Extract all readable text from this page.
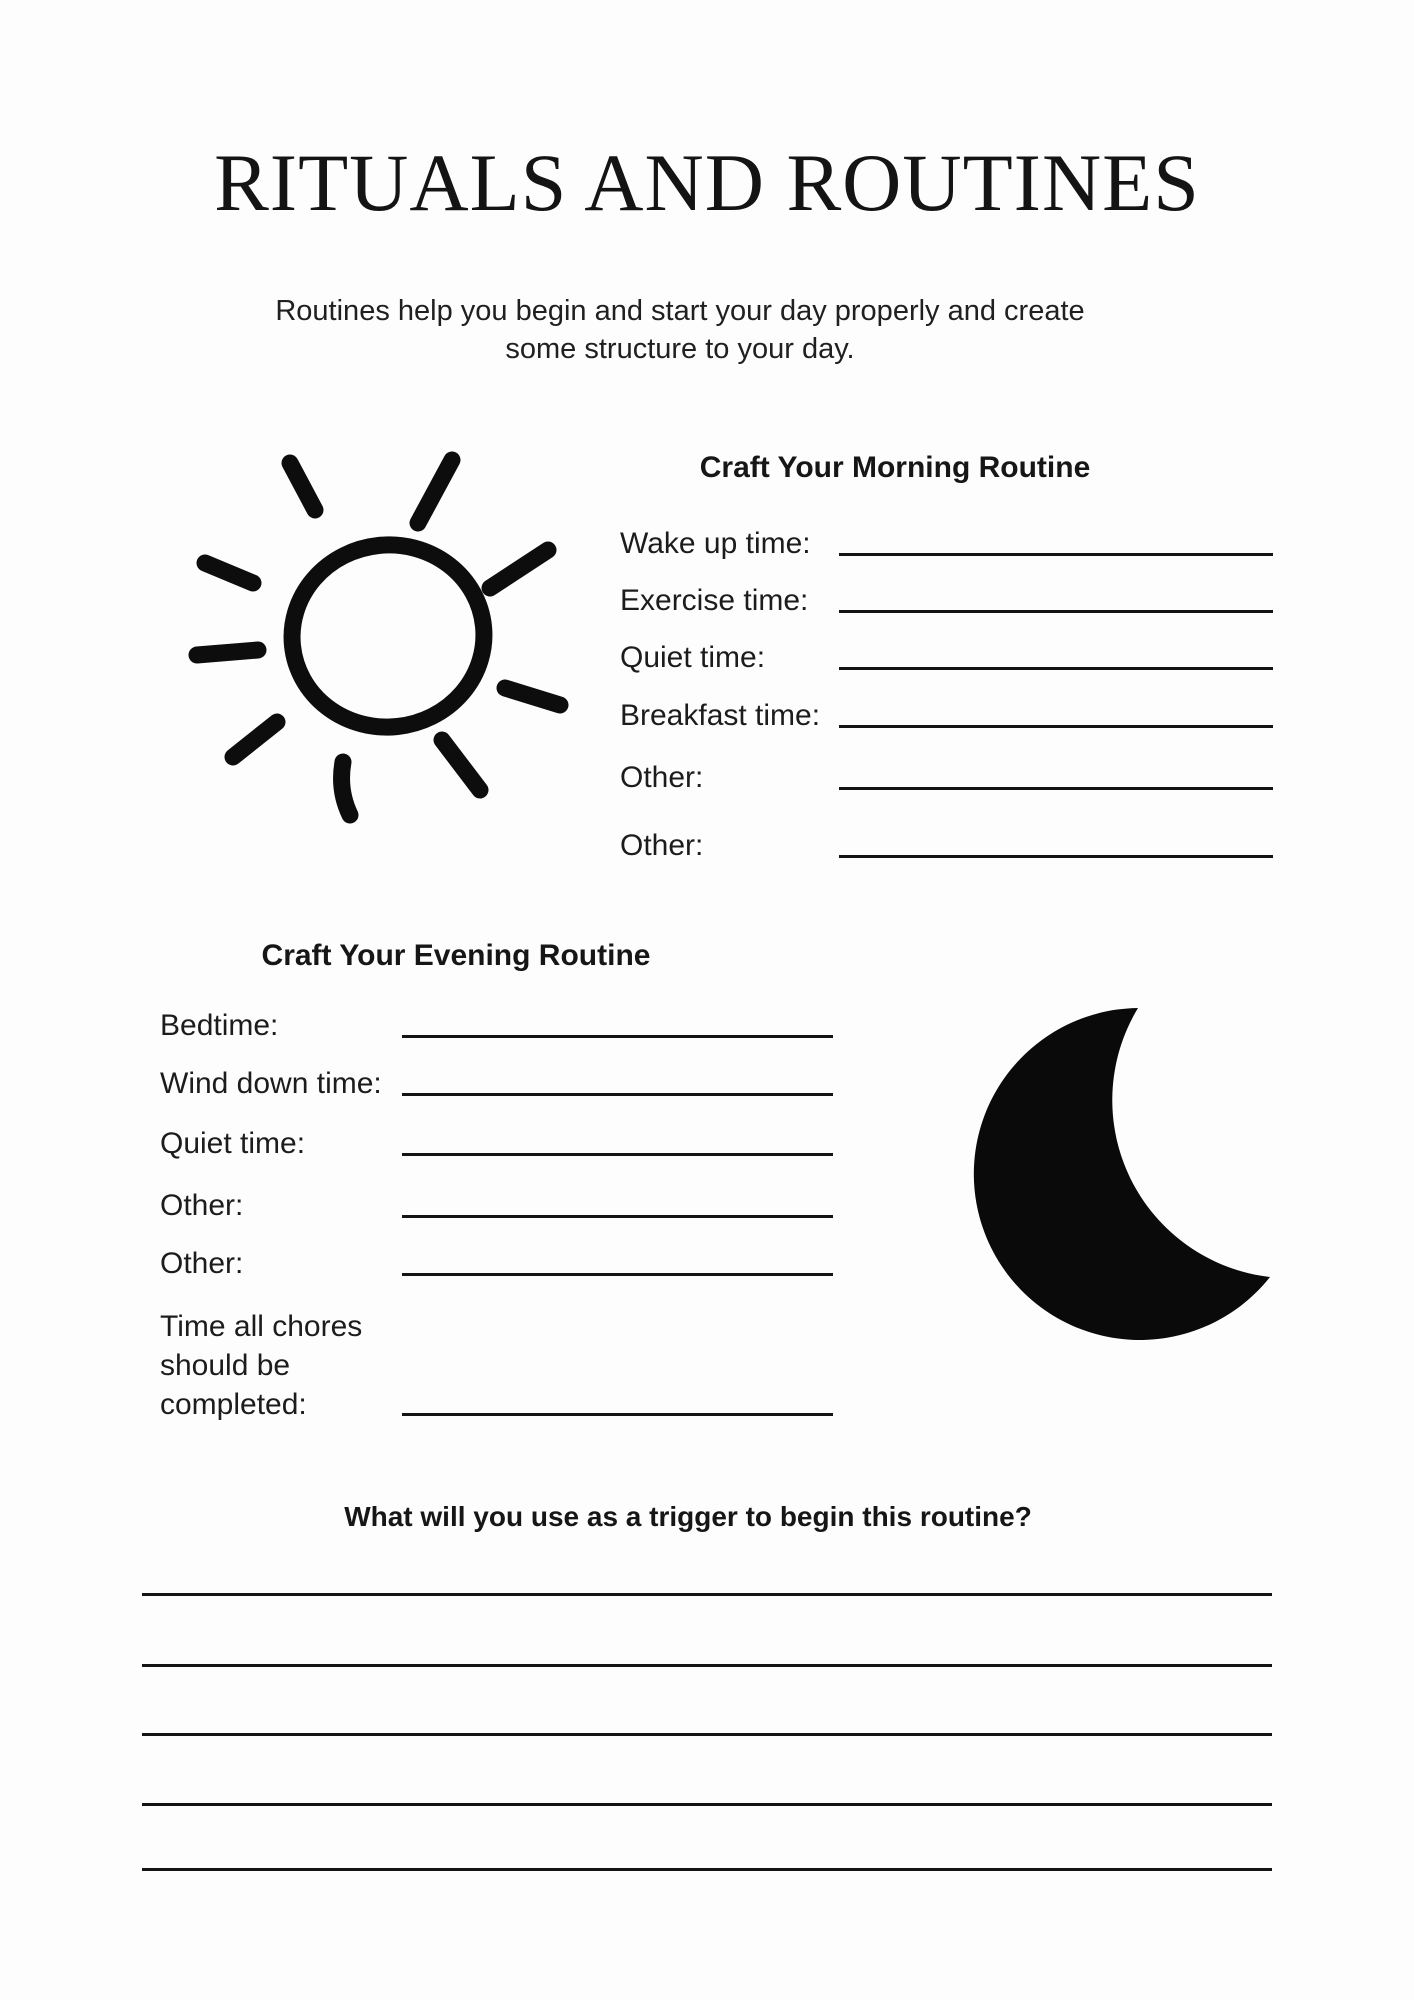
RITUALS AND ROUTINES
Routines help you begin and start your day properly and create
some structure to your day.
Craft Your Morning Routine
Wake up time:
Exercise time:
Quiet time:
Breakfast time:
Other:
Other:
Craft Your Evening Routine
Bedtime:
Wind down time:
Quiet time:
Other:
Other:
Time all chores should be completed:
What will you use as a trigger to begin this routine?
